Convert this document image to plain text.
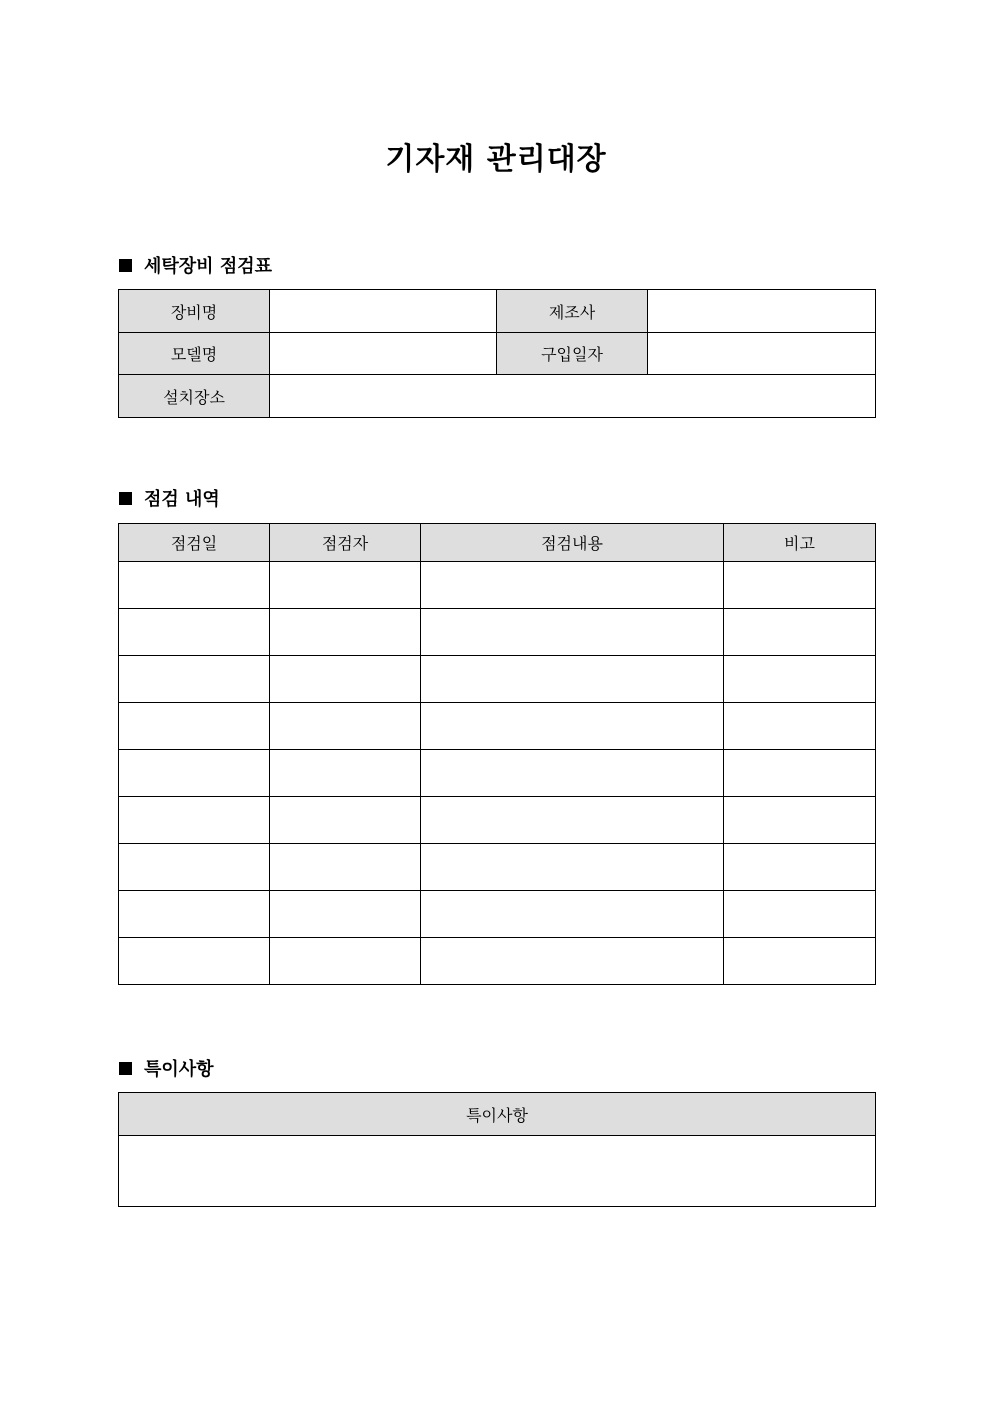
기자재 관리대장
세탁장비 점검표
장비명		제조사	
모델명		구입일자	
설치장소			
점검 내역
점검일	점검자	점검내용	비고

특이사항
특이사항
